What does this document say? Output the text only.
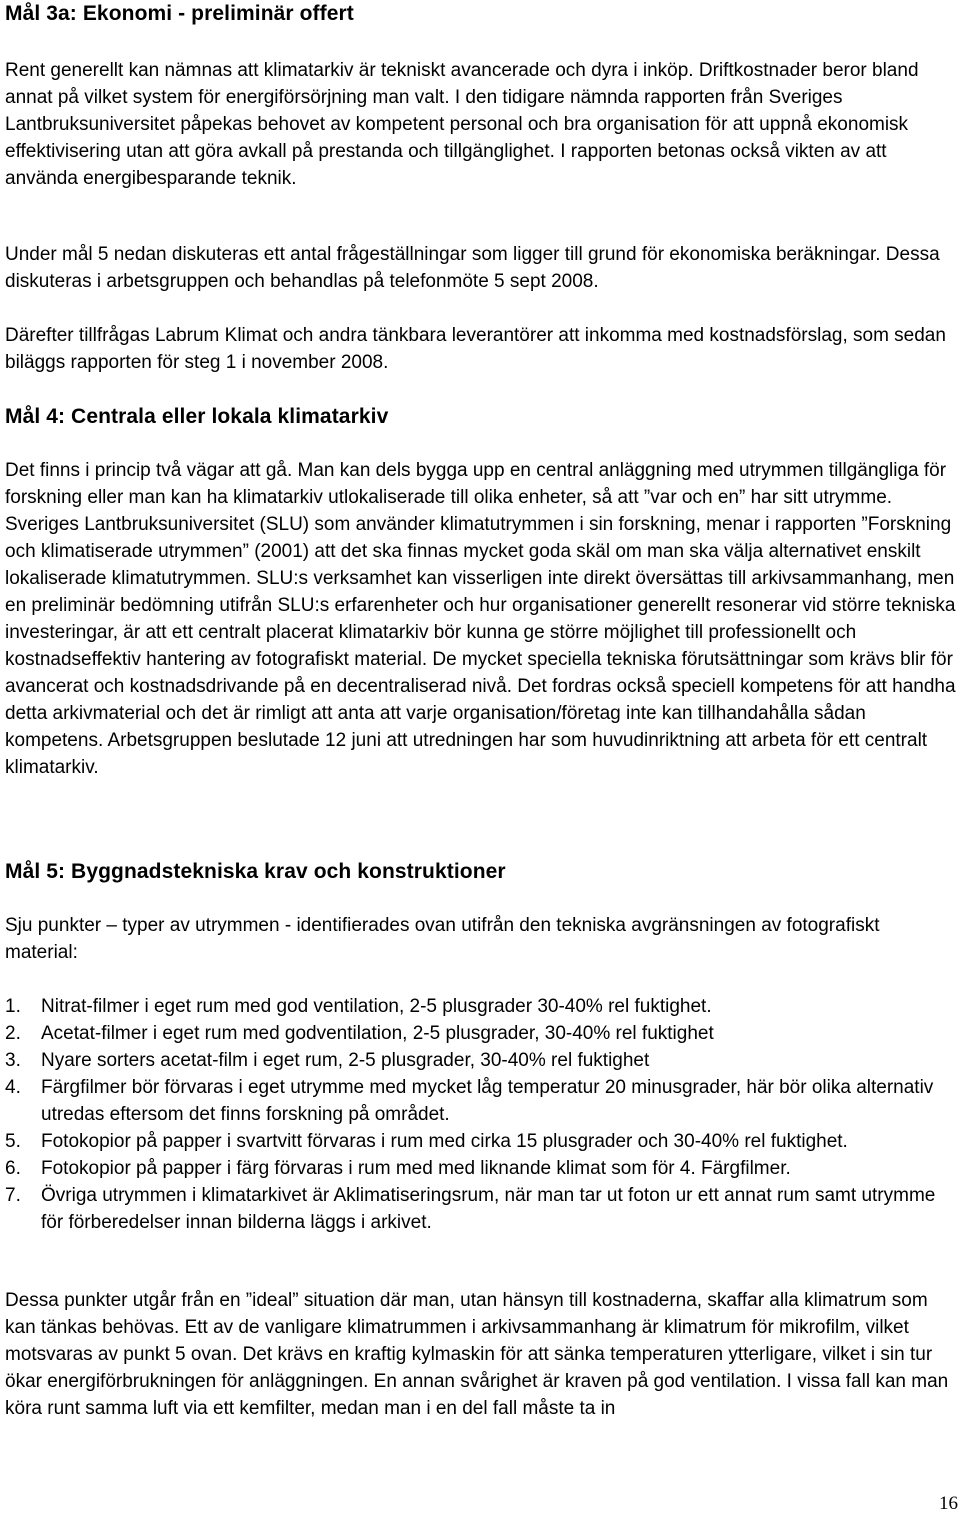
Mål 3a: Ekonomi - preliminär offert

Rent generellt kan nämnas att klimatarkiv är tekniskt avancerade och dyra i inköp. Driftkostnader beror bland annat på vilket system för energiförsörjning man valt. I den tidigare nämnda rapporten från Sveriges Lantbruksuniversitet påpekas behovet av kompetent personal och bra organisation för att uppnå ekonomisk effektivisering utan att göra avkall på prestanda och tillgänglighet. I rapporten betonas också vikten av att använda energibesparande teknik.

Under mål 5 nedan diskuteras ett antal frågeställningar som ligger till grund för ekonomiska beräkningar. Dessa diskuteras i arbetsgruppen och behandlas på telefonmöte 5 sept 2008.

Därefter tillfrågas Labrum Klimat och andra tänkbara leverantörer att inkomma med kostnadsförslag, som sedan biläggs rapporten för steg 1 i november 2008.

Mål 4: Centrala eller lokala klimatarkiv

Det finns i princip två vägar att gå. Man kan dels bygga upp en central anläggning med utrymmen tillgängliga för forskning eller man kan ha klimatarkiv utlokaliserade till olika enheter, så att ”var och en” har sitt utrymme. Sveriges Lantbruksuniversitet (SLU) som använder klimatutrymmen i sin forskning, menar i rapporten ”Forskning och klimatiserade utrymmen” (2001) att det ska finnas mycket goda skäl om man ska välja alternativet enskilt lokaliserade klimatutrymmen. SLU:s verksamhet kan visserligen inte direkt översättas till arkivsammanhang, men en preliminär bedömning utifrån SLU:s erfarenheter och hur organisationer generellt resonerar vid större tekniska investeringar, är att ett centralt placerat klimatarkiv bör kunna ge större möjlighet till professionellt och kostnadseffektiv hantering av fotografiskt material. De mycket speciella tekniska förutsättningar som krävs blir för avancerat och kostnadsdrivande på en decentraliserad nivå. Det fordras också speciell kompetens för att handha detta arkivmaterial och det är rimligt att anta att varje organisation/företag inte kan tillhandahålla sådan kompetens. Arbetsgruppen beslutade 12 juni att utredningen har som huvudinriktning att arbeta för ett centralt klimatarkiv.

Mål 5: Byggnadstekniska krav och konstruktioner

Sju punkter – typer av utrymmen - identifierades ovan utifrån den tekniska avgränsningen av fotografiskt material:

1. Nitrat-filmer i eget rum med god ventilation, 2-5 plusgrader 30-40% rel fuktighet.
2. Acetat-filmer i eget rum med godventilation, 2-5 plusgrader, 30-40% rel fuktighet
3. Nyare sorters acetat-film i eget rum, 2-5 plusgrader, 30-40% rel fuktighet
4. Färgfilmer bör förvaras i eget utrymme med mycket låg temperatur 20 minusgrader, här bör olika alternativ utredas eftersom det finns forskning på området.
5. Fotokopior på papper i svartvitt förvaras i rum med cirka 15 plusgrader och 30-40% rel fuktighet.
6. Fotokopior på papper i färg förvaras i rum med med liknande klimat som för 4. Färgfilmer.
7. Övriga utrymmen i klimatarkivet är Aklimatiseringsrum, när man tar ut foton ur ett annat rum samt utrymme för förberedelser innan bilderna läggs i arkivet.

Dessa punkter utgår från en ”ideal” situation där man, utan hänsyn till kostnaderna, skaffar alla klimatrum som kan tänkas behövas. Ett av de vanligare klimatrummen i arkivsammanhang är klimatrum för mikrofilm, vilket motsvaras av punkt 5 ovan. Det krävs en kraftig kylmaskin för att sänka temperaturen ytterligare, vilket i sin tur ökar energiförbrukningen för anläggningen. En annan svårighet är kraven på god ventilation. I vissa fall kan man köra runt samma luft via ett kemfilter, medan man i en del fall måste ta in

16
